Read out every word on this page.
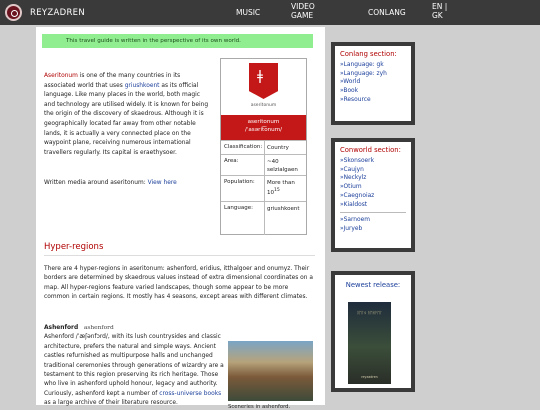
REYZADREN	MUSIC
VIDEO
GAME	CONLANG
EN |
GK
This travel guide is written in the perspective of its own world.
Aseritonum is one of the many countries in its associated world that uses griushkoent as its official language. Like many places in the world, both magic and technology are utilised widely. It is known for being the origin of the discovery of skaedrous. Although it is geographically located far away from other notable lands, it is actually a very connected place on the waypoint plane, receiving numerous international travellers regularly. Its capital is eraethysoer.
Written media around aseritonum: View here
ǂ
aseritonum
aseritonum
/ˈasərit͡onum/
Classification: Country
Area:	~40 selzialgaen
Population: More than $10^{15}$
Language:	griushkoent
Hyper-regions
There are 4 hyper-regions in aseritonum: ashenford, eridius, itthalgoer and onumyz. Their borders are determined by skaedrous values instead of extra dimensional coordinates on a map. All hyper-regions feature varied landscapes, though some appear to be more common in certain regions. It mostly has 4 seasons, except areas with different climates.
Ashenford ashenford
Ashenford /ˈæʃənfɔrd/, with its lush countrysides and classic architecture, prefers the natural and simple ways. Ancient castles refurnished as multipurpose halls and unchanged traditional ceremonies through generations of wizardry are a testament to this region preserving its rich heritage. Those who live in ashenford uphold honour, legacy and authority. Curiously, ashenford kept a number of cross-universe books as a large archive of their literature resource.
Sceneries in ashenford.
Conlang section:
» Language: gk
» Language: zyh
» World
» Book
» Resource
Conworld section:
» Skonsoerk
» Caujyn
» Neckylz
» Otium
» Caegnoiaz
» Kialdost
» Sarnoem
» Juryeb
Newest release:
ᚷᛖᛚᛟ ᚱᛖᚺᚹᛖᛚ
reyzadren
